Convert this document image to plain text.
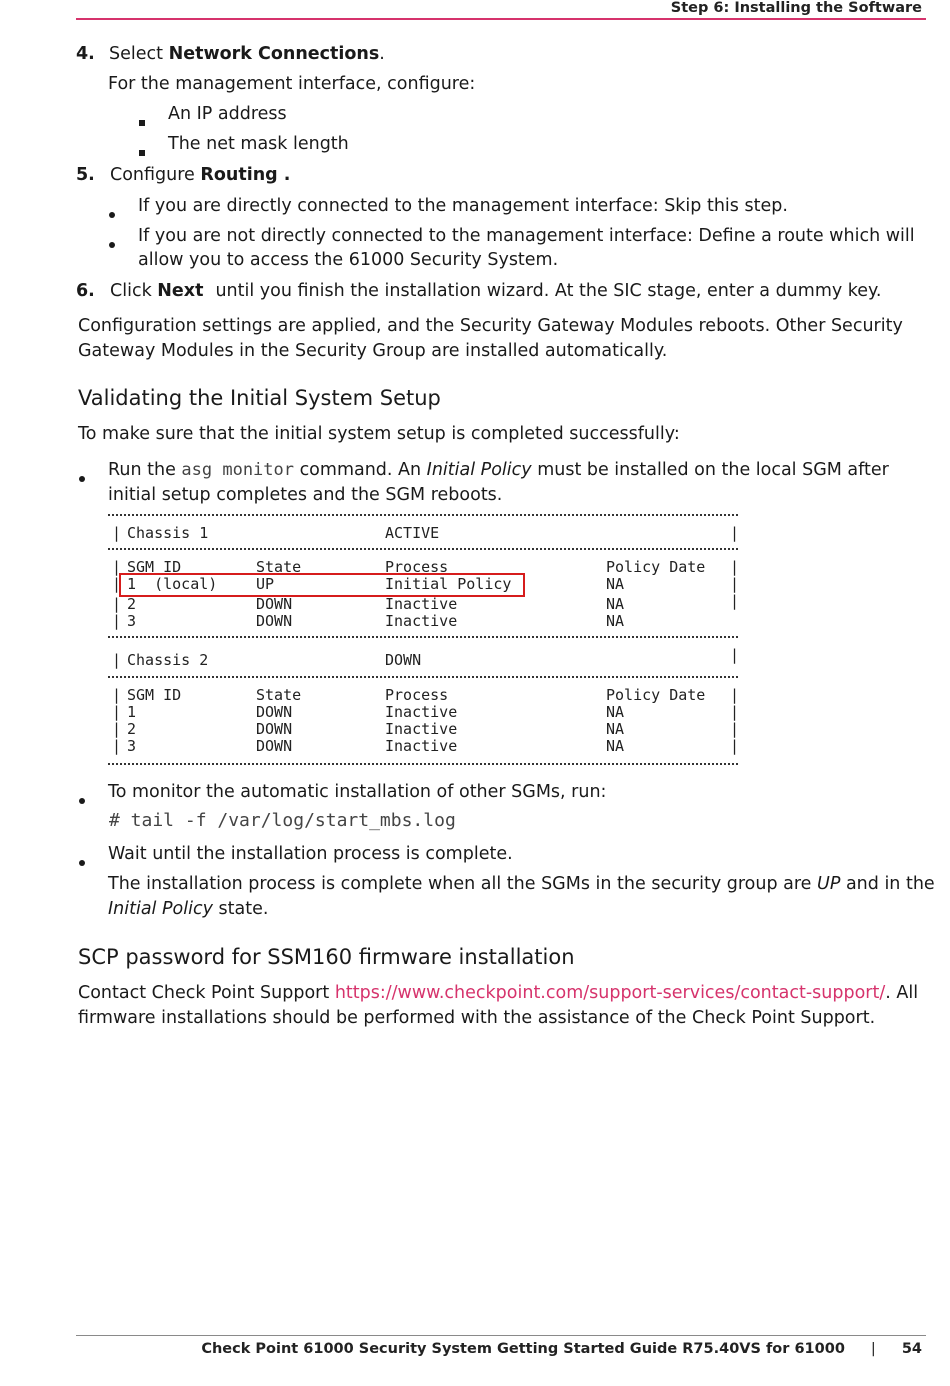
Step 6: Installing the Software
4. Select Network Connections.
For the management interface, configure:
An IP address
The net mask length
5. Configure Routing .
If you are directly connected to the management interface: Skip this step.
If you are not directly connected to the management interface: Define a route which will
allow you to access the 61000 Security System.
6. Click Next until you finish the installation wizard. At the SIC stage, enter a dummy key.
Configuration settings are applied, and the Security Gateway Modules reboots. Other Security
Gateway Modules in the Security Group are installed automatically.
Validating the Initial System Setup
To make sure that the initial system setup is completed successfully:
Run the asg monitor command. An Initial Policy must be installed on the local SGM after
initial setup completes and the SGM reboots.
| Chassis 1	ACTIVE	|
| SGM ID	State	Process	Policy Date |
| 1  (local)	UP	Initial Policy	NA	|
| 2	DOWN	Inactive	NA	|
| 3	DOWN	Inactive	NA
| Chassis 2	DOWN	|
| SGM ID	State	Process	Policy Date |
| 1	DOWN	Inactive	NA	|
| 2	DOWN	Inactive	NA	|
| 3	DOWN	Inactive	NA	|
To monitor the automatic installation of other SGMs, run:
# tail -f /var/log/start_mbs.log
Wait until the installation process is complete.
The installation process is complete when all the SGMs in the security group are UP and in the
Initial Policy state.
SCP password for SSM160 firmware installation
Contact Check Point Support https://www.checkpoint.com/support-services/contact-support/. All
firmware installations should be performed with the assistance of the Check Point Support.
Check Point 61000 Security System Getting Started Guide R75.40VS for 61000 | 54
